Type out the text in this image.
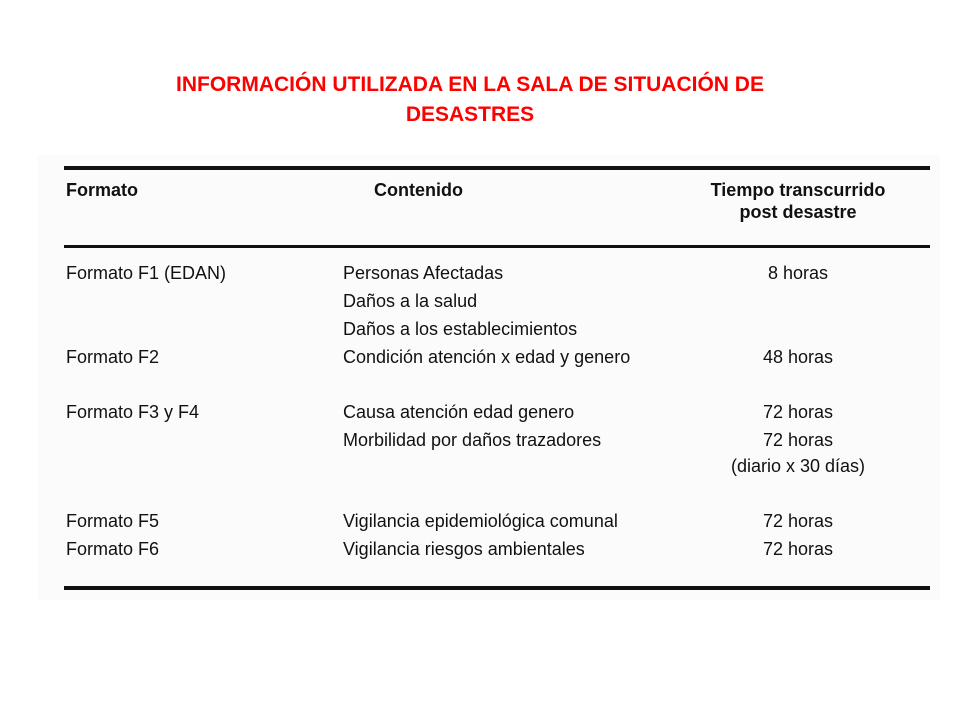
INFORMACIÓN UTILIZADA EN LA SALA DE SITUACIÓN DE
DESASTRES
Formato	Contenido	Tiempo transcurrido
post desastre
Formato F1 (EDAN)	Personas Afectadas	8 horas
Daños a la salud
Daños a los establecimientos
Formato F2	Condición atención x edad y genero	48 horas
Formato F3 y F4	Causa atención edad genero	72 horas
Morbilidad por daños trazadores	72 horas
(diario x 30 días)
Formato F5	Vigilancia epidemiológica comunal	72 horas
Formato F6	Vigilancia riesgos ambientales	72 horas
